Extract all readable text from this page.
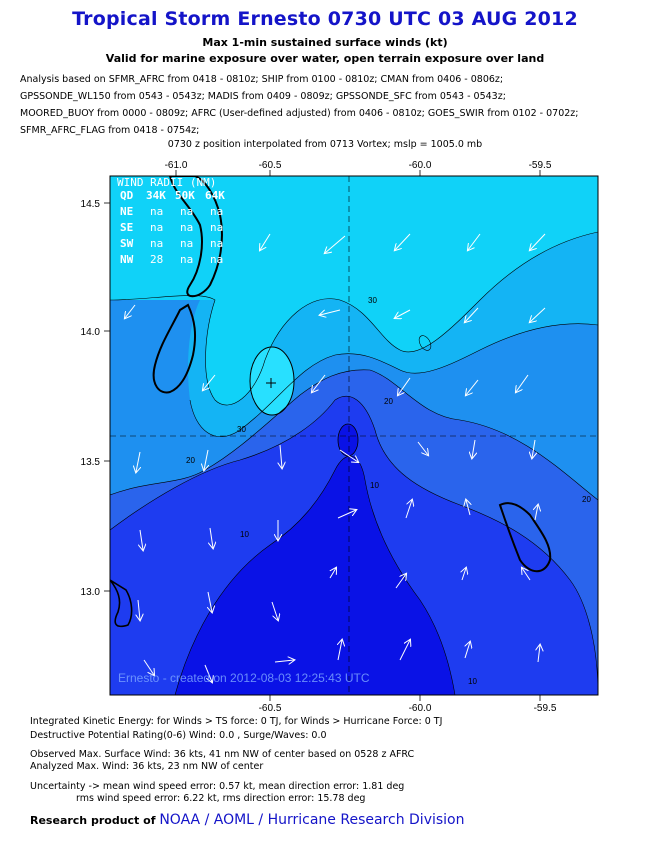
Tropical Storm Ernesto 0730 UTC 03 AUG 2012
Max 1-min sustained surface winds (kt)
Valid for marine exposure over water, open terrain exposure over land
Analysis based on SFMR_AFRC from 0418 - 0810z; SHIP from 0100 - 0810z; CMAN from 0406 - 0806z;
GPSSONDE_WL150 from 0543 - 0543z; MADIS from 0409 - 0809z; GPSSONDE_SFC from 0543 - 0543z;
MOORED_BUOY from 0000 - 0809z; AFRC (User-defined adjusted) from 0406 - 0810z; GOES_SWIR from 0102 - 0702z;
SFMR_AFRC_FLAG from 0418 - 0754z;
0730 z position interpolated from 0713 Vortex; mslp = 1005.0 mb
-61.0	-60.5	-60.0	-59.5
-60.5	-60.0	-59.5
14.5
14.0
13.5
13.0
30
20
30
20
10
10
20
10
WIND RADII (NM)
QD 34K 50K 64K
NE na na na
SE na na na
SW na na na
NW 28 na na
Ernesto - created on 2012-08-03 12:25:43 UTC
Integrated Kinetic Energy: for Winds > TS force: 0 TJ, for Winds > Hurricane Force: 0 TJ
Destructive Potential Rating(0-6) Wind: 0.0 , Surge/Waves: 0.0
Observed Max. Surface Wind: 36 kts, 41 nm NW of center based on 0528 z AFRC
Analyzed Max. Wind: 36 kts, 23 nm NW of center
Uncertainty -> mean wind speed error: 0.57 kt, mean direction error: 1.81 deg
rms wind speed error: 6.22 kt, rms direction error: 15.78 deg
Research product of NOAA / AOML / Hurricane Research Division
